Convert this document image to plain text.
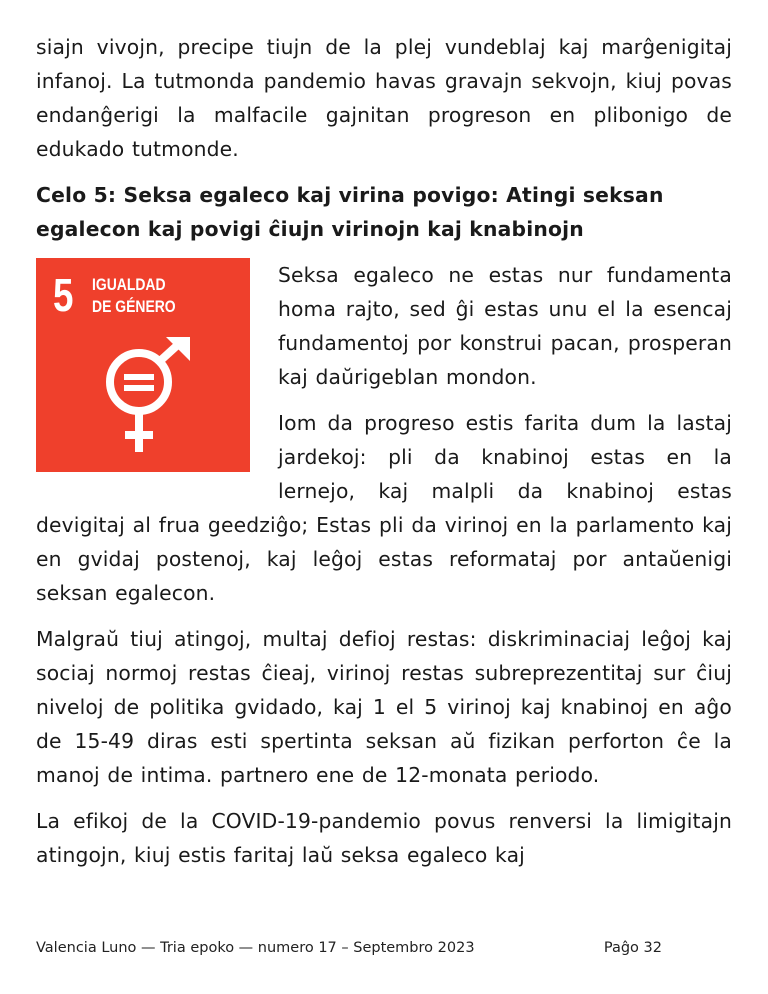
siajn vivojn, precipe tiujn de la plej vundeblaj kaj marĝenigitaj infanoj. La tutmonda pandemio havas gravajn sekvojn, kiuj povas endanĝerigi la malfacile gajnitan progreson en plibonigo de edukado tutmonde.

Celo 5: Seksa egaleco kaj virina povigo: Atingi seksan egalecon kaj povigi ĉiujn virinojn kaj knabinojn
5 IGUALDAD
DE GÉNERO

Seksa egaleco ne estas nur fundamenta homa rajto, sed ĝi estas unu el la esencaj fundamentoj por konstrui pacan, prosperan kaj daŭrigeblan mondon.

Iom da progreso estis farita dum la lastaj jardekoj: pli da knabinoj estas en la lernejo, kaj malpli da knabinoj estas devigitaj al frua geedziĝo; Estas pli da virinoj en la parlamento kaj en gvidaj postenoj, kaj leĝoj estas reformataj por antaŭenigi seksan egalecon.

Malgraŭ tiuj atingoj, multaj defioj restas: diskriminaciaj leĝoj kaj sociaj normoj restas ĉieaj, virinoj restas subreprezentitaj sur ĉiuj niveloj de politika gvidado, kaj 1 el 5 virinoj kaj knabinoj en aĝo de 15-49 diras esti spertinta seksan aŭ fizikan perforton ĉe la manoj de intima. partnero ene de 12-monata periodo.

La efikoj de la COVID-19-pandemio povus renversi la limigitajn atingojn, kiuj estis faritaj laŭ seksa egaleco kaj

Valencia Luno — Tria epoko — numero 17 – Septembro 2023	Paĝo 32
